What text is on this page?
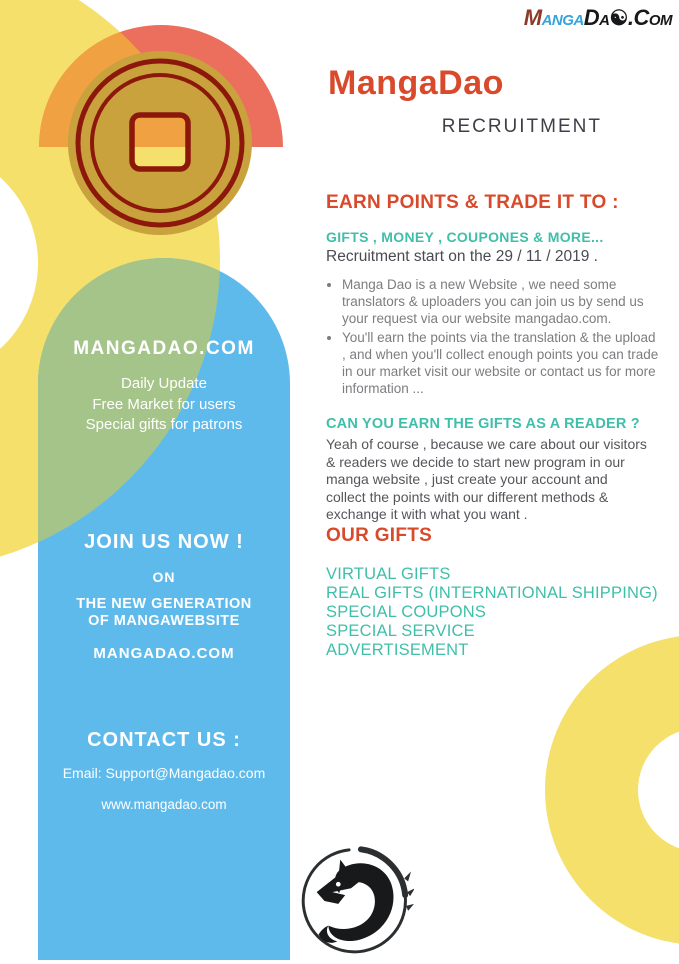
MANGADAO.COM
Daily Update
Free Market for users
Special gifts for patrons
JOIN US NOW !
ON
THE NEW GENERATION
OF MANGAWEBSITE
MANGADAO.COM
CONTACT US :
Email: Support@Mangadao.com
www.mangadao.com
MangaDa☯.Com
MangaDao
RECRUITMENT
EARN POINTS & TRADE IT TO :
GIFTS , MONEY , COUPONES & MORE...
Recruitment start on the 29 / 11 / 2019 .
• Manga Dao is a new Website , we need some translators & uploaders you can join us by send us your request via our website mangadao.com.
• You'll earn the points via the translation & the upload , and when you'll collect enough points you can trade in our market visit our website or contact us for more information ...
CAN YOU EARN THE GIFTS AS A READER ?
Yeah of course , because we care about our visitors & readers we decide to start new program in our manga website , just create your account and collect the points with our different methods & exchange it with what you want .
OUR GIFTS
VIRTUAL GIFTS
REAL GIFTS (INTERNATIONAL SHIPPING)
SPECIAL COUPONS
SPECIAL SERVICE
ADVERTISEMENT
